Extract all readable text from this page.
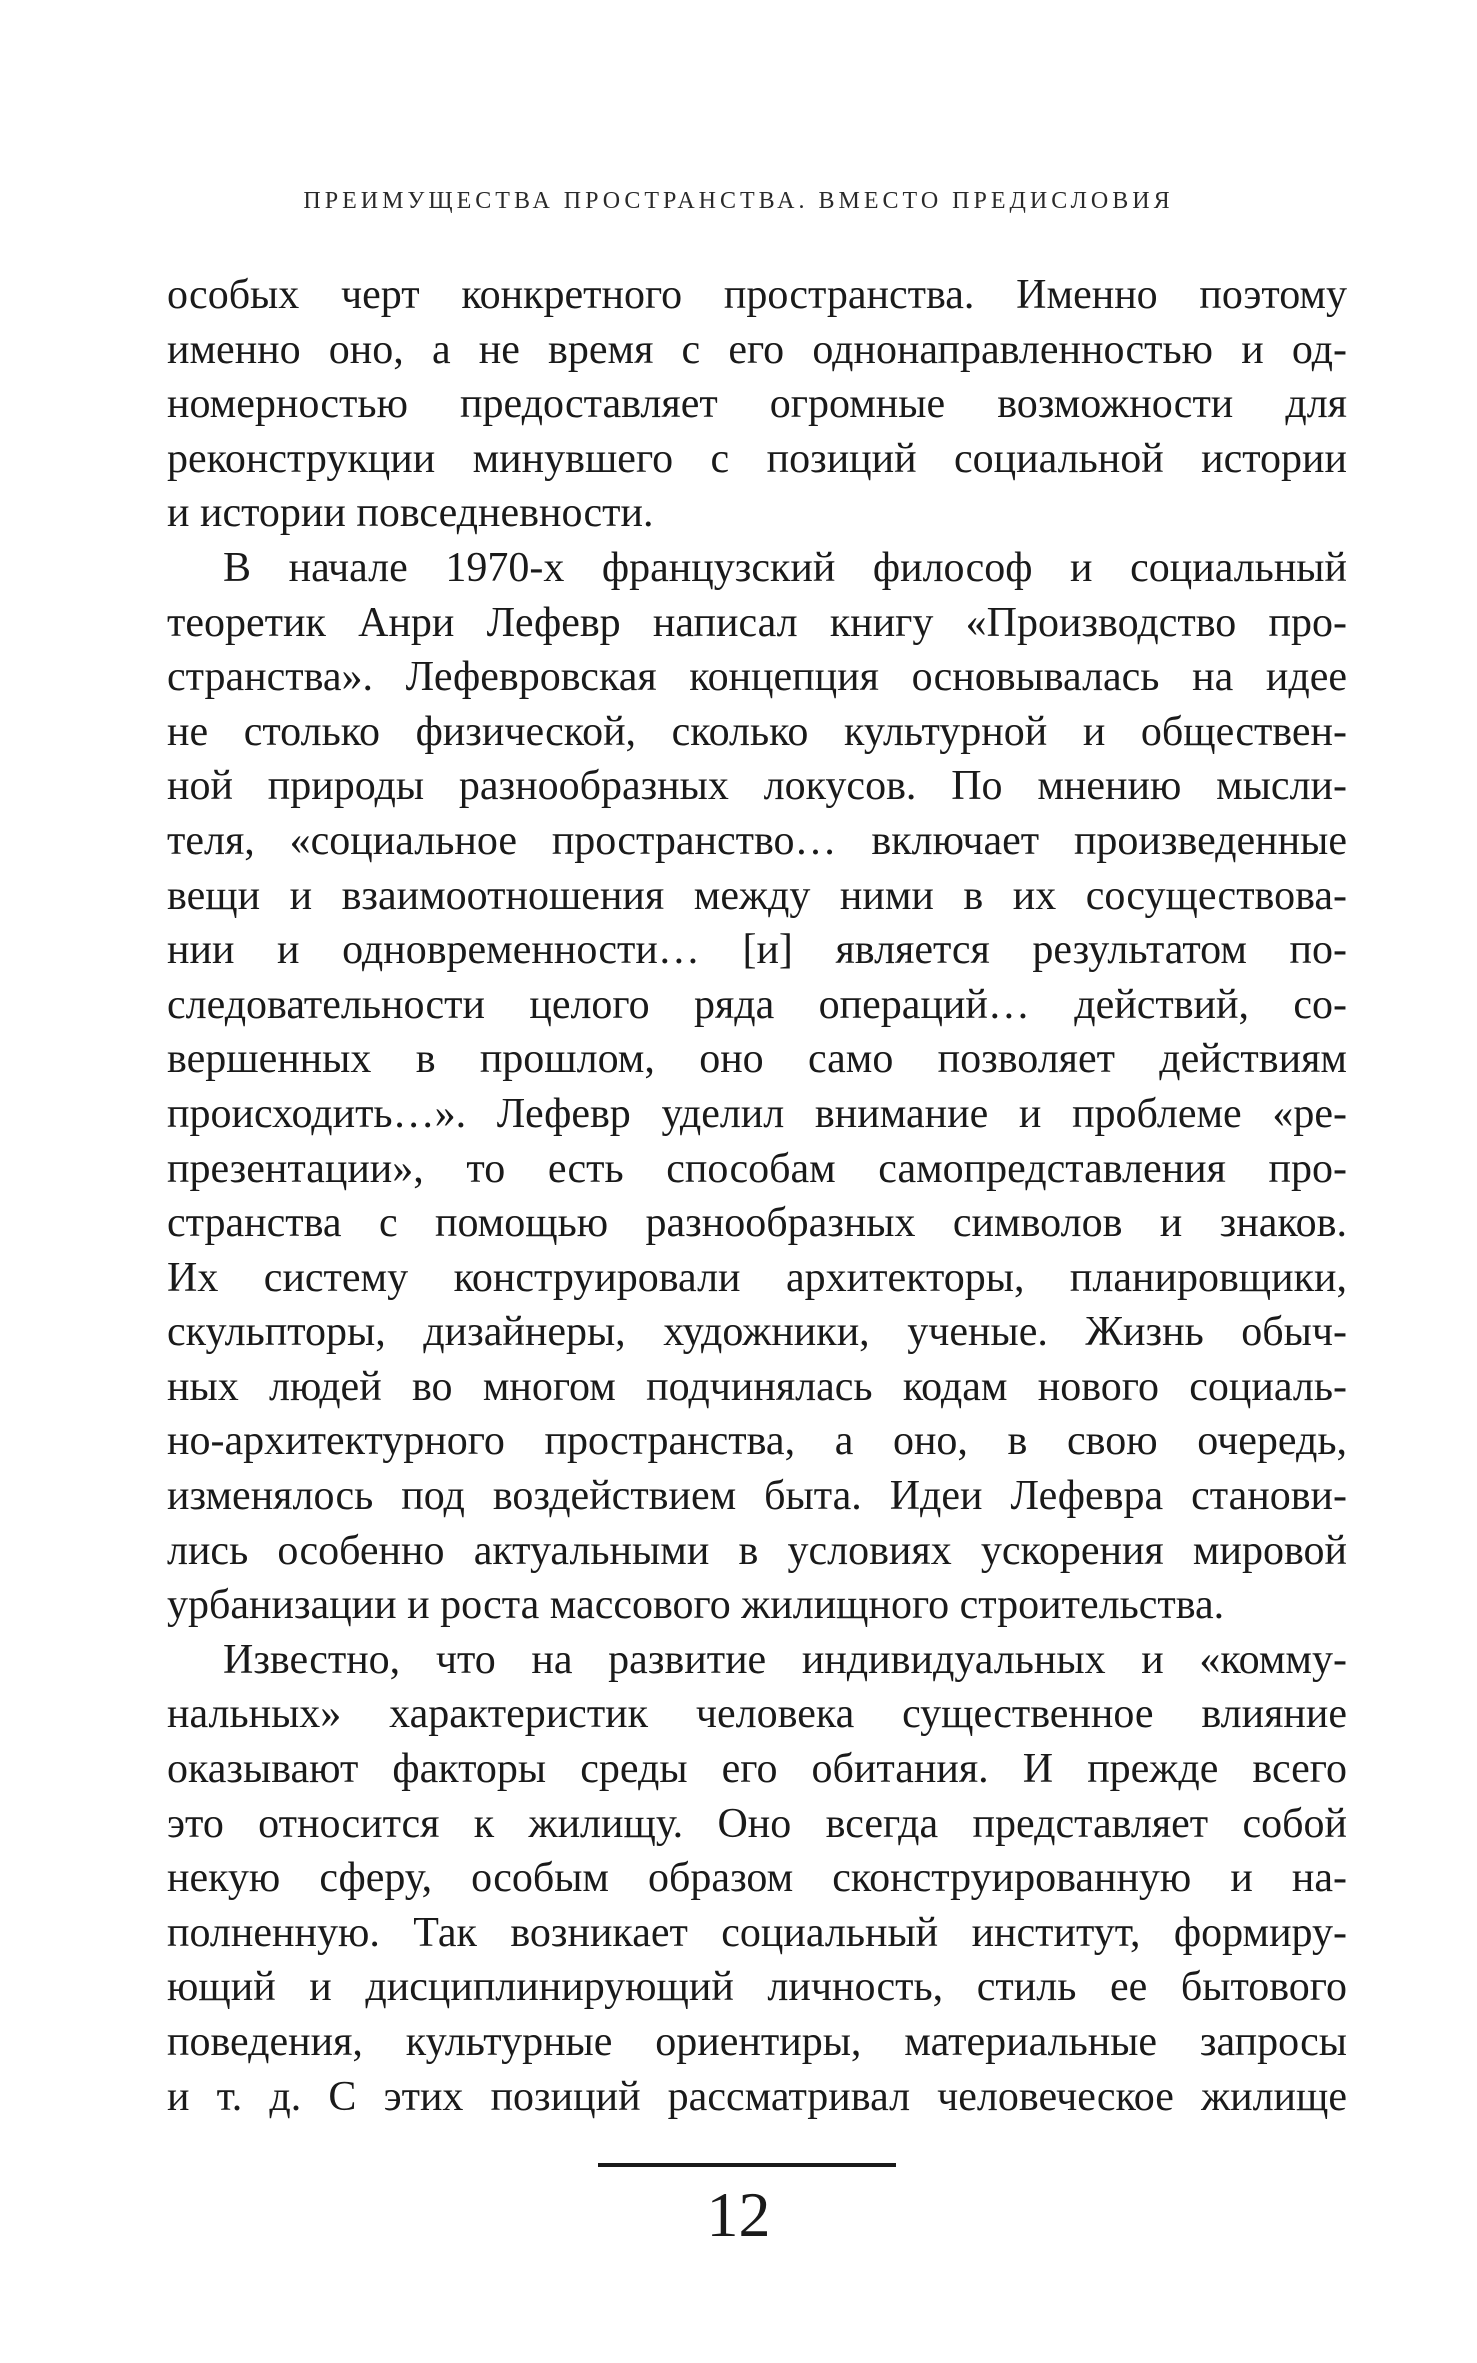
ПРЕИМУЩЕСТВА ПРОСТРАНСТВА. ВМЕСТО ПРЕДИСЛОВИЯ
особых черт конкретного пространства. Именно поэтому
именно оно, а не время с его однонаправленностью и од-
номерностью предоставляет огромные возможности для
реконструкции минувшего с позиций социальной истории
и истории повседневности.
В начале 1970-х французский философ и социальный
теоретик Анри Лефевр написал книгу «Производство про-
странства». Лефевровская концепция основывалась на идее
не столько физической, сколько культурной и обществен-
ной природы разнообразных локусов. По мнению мысли-
теля, «социальное пространство… включает произведенные
вещи и взаимоотношения между ними в их сосуществова-
нии и одновременности… [и] является результатом по-
следовательности целого ряда операций… действий, со-
вершенных в прошлом, оно само позволяет действиям
происходить…». Лефевр уделил внимание и проблеме «ре-
презентации», то есть способам самопредставления про-
странства с помощью разнообразных символов и знаков.
Их систему конструировали архитекторы, планировщики,
скульпторы, дизайнеры, художники, ученые. Жизнь обыч-
ных людей во многом подчинялась кодам нового социаль-
но-архитектурного пространства, а оно, в свою очередь,
изменялось под воздействием быта. Идеи Лефевра станови-
лись особенно актуальными в условиях ускорения мировой
урбанизации и роста массового жилищного строительства.
Известно, что на развитие индивидуальных и «комму-
нальных» характеристик человека существенное влияние
оказывают факторы среды его обитания. И прежде всего
это относится к жилищу. Оно всегда представляет собой
некую сферу, особым образом сконструированную и на-
полненную. Так возникает социальный институт, формиру-
ющий и дисциплинирующий личность, стиль ее бытового
поведения, культурные ориентиры, материальные запросы
и т. д. С этих позиций рассматривал человеческое жилище
12
